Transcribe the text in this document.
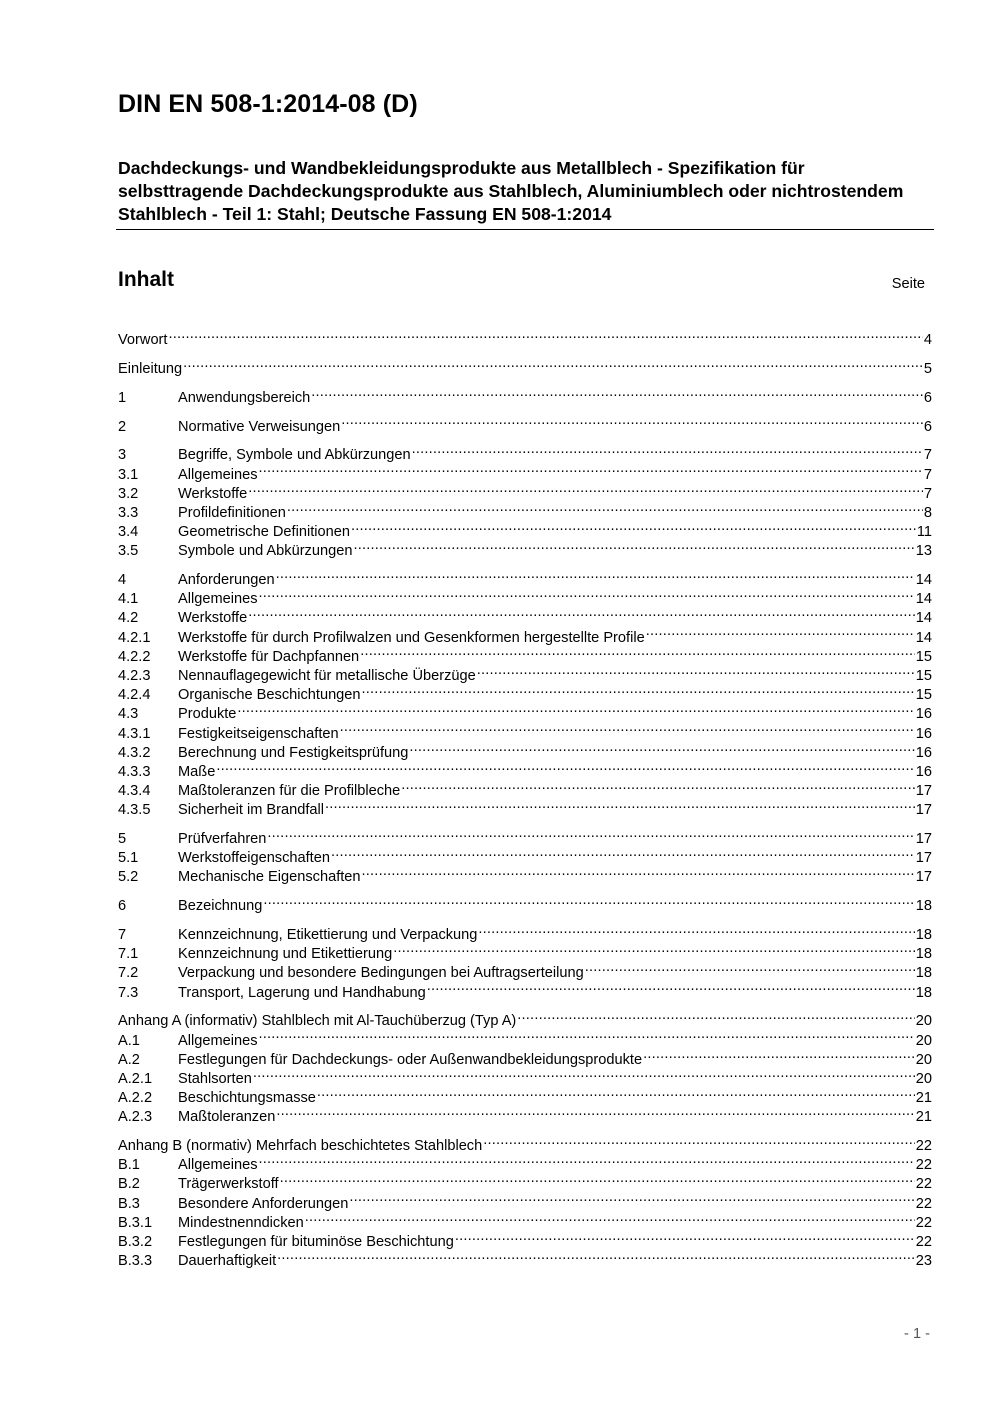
DIN EN 508-1:2014-08 (D)
Dachdeckungs- und Wandbekleidungsprodukte aus Metallblech - Spezifikation für selbsttragende Dachdeckungsprodukte aus Stahlblech, Aluminiumblech oder nichtrostendem Stahlblech - Teil 1: Stahl; Deutsche Fassung EN 508-1:2014
Inhalt	Seite
Vorwort .....	4
Einleitung .....	5
1	Anwendungsbereich .....	6
2	Normative Verweisungen .....	6
3	Begriffe, Symbole und Abkürzungen .....	7
3.1	Allgemeines .....	7
3.2	Werkstoffe .....	7
3.3	Profildefinitionen .....	8
3.4	Geometrische Definitionen .....	11
3.5	Symbole und Abkürzungen .....	13
4	Anforderungen .....	14
4.1	Allgemeines .....	14
4.2	Werkstoffe .....	14
4.2.1	Werkstoffe für durch Profilwalzen und Gesenkformen hergestellte Profile .....	14
4.2.2	Werkstoffe für Dachpfannen .....	15
4.2.3	Nennauflagegewicht für metallische Überzüge .....	15
4.2.4	Organische Beschichtungen .....	15
4.3	Produkte .....	16
4.3.1	Festigkeitseigenschaften .....	16
4.3.2	Berechnung und Festigkeitsprüfung .....	16
4.3.3	Maße .....	16
4.3.4	Maßtoleranzen für die Profilbleche .....	17
4.3.5	Sicherheit im Brandfall .....	17
5	Prüfverfahren .....	17
5.1	Werkstoffeigenschaften .....	17
5.2	Mechanische Eigenschaften .....	17
6	Bezeichnung .....	18
7	Kennzeichnung, Etikettierung und Verpackung .....	18
7.1	Kennzeichnung und Etikettierung .....	18
7.2	Verpackung und besondere Bedingungen bei Auftragserteilung .....	18
7.3	Transport, Lagerung und Handhabung .....	18
Anhang A (informativ) Stahlblech mit Al-Tauchüberzug (Typ A) .....	20
A.1	Allgemeines .....	20
A.2	Festlegungen für Dachdeckungs- oder Außenwandbekleidungsprodukte .....	20
A.2.1	Stahlsorten .....	20
A.2.2	Beschichtungsmasse .....	21
A.2.3	Maßtoleranzen .....	21
Anhang B (normativ) Mehrfach beschichtetes Stahlblech .....	22
B.1	Allgemeines .....	22
B.2	Trägerwerkstoff .....	22
B.3	Besondere Anforderungen .....	22
B.3.1	Mindestnenndicken .....	22
B.3.2	Festlegungen für bituminöse Beschichtung .....	22
B.3.3	Dauerhaftigkeit .....	23
- 1 -
